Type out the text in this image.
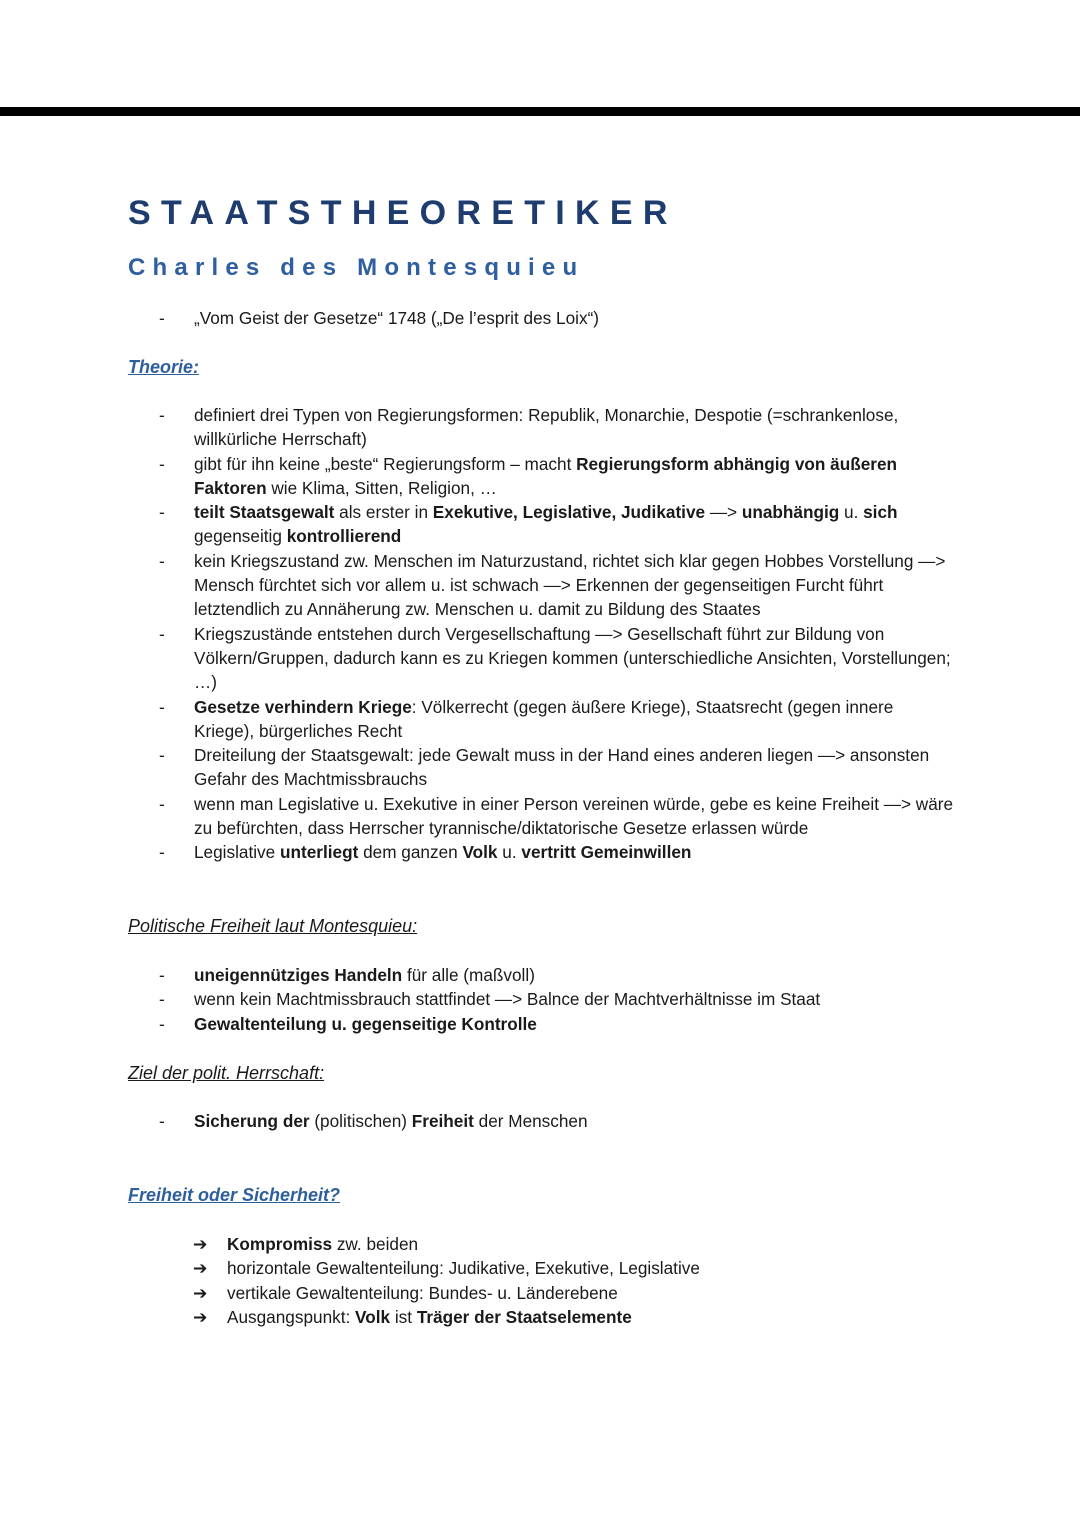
STAATSTHEORETIKER
Charles des Montesquieu
- „Vom Geist der Gesetze“ 1748 („De l’esprit des Loix“)
Theorie:
- definiert drei Typen von Regierungsformen: Republik, Monarchie, Despotie (=schrankenlose, willkürliche Herrschaft)
- gibt für ihn keine „beste“ Regierungsform – macht Regierungsform abhängig von äußeren Faktoren wie Klima, Sitten, Religion, …
- teilt Staatsgewalt als erster in Exekutive, Legislative, Judikative —> unabhängig u. sich gegenseitig kontrollierend
- kein Kriegszustand zw. Menschen im Naturzustand, richtet sich klar gegen Hobbes Vorstellung —> Mensch fürchtet sich vor allem u. ist schwach —> Erkennen der gegenseitigen Furcht führt letztendlich zu Annäherung zw. Menschen u. damit zu Bildung des Staates
- Kriegszustände entstehen durch Vergesellschaftung —> Gesellschaft führt zur Bildung von Völkern/Gruppen, dadurch kann es zu Kriegen kommen (unterschiedliche Ansichten, Vorstellungen; …)
- Gesetze verhindern Kriege: Völkerrecht (gegen äußere Kriege), Staatsrecht (gegen innere Kriege), bürgerliches Recht
- Dreiteilung der Staatsgewalt: jede Gewalt muss in der Hand eines anderen liegen —> ansonsten Gefahr des Machtmissbrauchs
- wenn man Legislative u. Exekutive in einer Person vereinen würde, gebe es keine Freiheit —> wäre zu befürchten, dass Herrscher tyrannische/diktatorische Gesetze erlassen würde
- Legislative unterliegt dem ganzen Volk u. vertritt Gemeinwillen
Politische Freiheit laut Montesquieu:
- uneigennütziges Handeln für alle (maßvoll)
- wenn kein Machtmissbrauch stattfindet —> Balnce der Machtverhältnisse im Staat
- Gewaltenteilung u. gegenseitige Kontrolle
Ziel der polit. Herrschaft:
- Sicherung der (politischen) Freiheit der Menschen
Freiheit oder Sicherheit?
➔ Kompromiss zw. beiden
➔ horizontale Gewaltenteilung: Judikative, Exekutive, Legislative
➔ vertikale Gewaltenteilung: Bundes- u. Länderebene
➔ Ausgangspunkt: Volk ist Träger der Staatselemente
